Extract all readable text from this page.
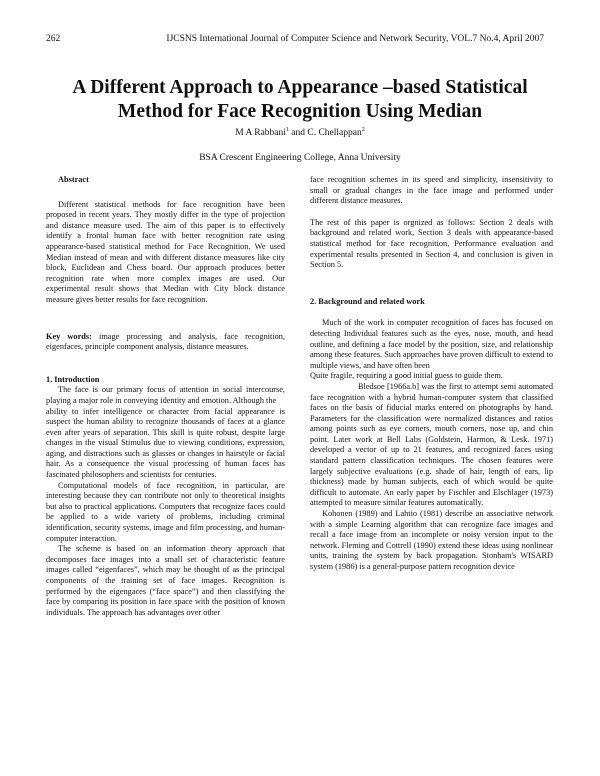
262	IJCSNS International Journal of Computer Science and Network Security, VOL.7 No.4, April 2007
A Different Approach to Appearance –based Statistical
Method for Face Recognition Using Median
M A Rabbani$^1$ and C. Chellappan$^2$
BSA Crescent Engineering College, Anna University

Abstract

Different statistical methods for face recognition have been proposed in recent years. They mostly differ in the type of projection and distance measure used. The aim of this paper is to effectively identify a frontal human face with better recognition rate using appearance-based statistical method for Face Recognition. We used Median instead of mean and with different distance measures like city block, Euclidean and Chess board. Our approach produces better recognition rate when more complex images are used. Our experimental result shows that Median with City block distance measure gives better results for face recognition.

Key words: image processing and analysis, face recognition, eigenfaces, principle component analysis, distance measures.

1. Introduction

The face is our primary focus of attention in social intercourse, playing a major role in conveying identity and emotion. Although the

ability to infer intelligence or character from facial appearance is suspect the human ability to recognize thousands of faces at a glance even after years of separation. This skill is quite robust, despite large changes in the visual Stimulus due to viewing conditions, expression, aging, and distractions such as glasses or changes in hairstyle or facial hair. As a consequence the visual processing of human faces has fascinated philosophers and scientists for centuries.

Computational models of face recognition, in particular, are interesting because they can contribute not only to theoretical insights but also to practical applications. Computers that recognize faces could be applied to a wide variety of problems, including criminal identification, security systems, image and film processing, and human-computer interaction.

The scheme is based on an information theory approach that decomposes face images into a small set of characteristic feature images called “eigenfaces”, which may be thought of as the principal components of the training set of face images. Recognition is performed by the eigengaces (“face space”) and then classifying the face by comparing its position in face space with the position of known individuals. The approach has advantages over other

face recognition schemes in its speed and simplicity, insensitivity to small or gradual changes in the face image and performed under different distance measures.

The rest of this paper is orgnized as follows: Section 2 deals with background and related work, Section 3 deals with appearance-based statistical method for face recognition, Performance evaluation and experimental results presented in Section 4, and conclusion is given in Section 5.

2. Background and related work

Much of the work in computer recognition of faces has focused on detecting Individual features such as the eyes, nose, mouth, and head outline, and defining a face model by the position, size, and relationship among these features. Such approaches have proven difficult to extend to multiple views, and have often been

Quite fragile, requiring a good initial guess to guide them.

Bledsoe [1966a.b] was the first to attempt semi automated face recognition with a hybrid human-computer system that classified faces on the basis of fiducial marks entered on photographs by hand. Parameters for the classification were normalized distances and ratios among points such as eye corners, mouth corners, nose up, and chin point. Later work at Bell Labs (Goldstein, Harmon, & Lesk. 1971) developed a vector of up to 21 features, and recognized faces using standard pattern classification techniques. The chosen features were largely subjective evaluations (e.g. shade of hair, length of ears, lip thickness) made by human subjects, each of which would be quite difficult to automate. An early paper by Fischler and Elschlager (1973) attempted to measure similar features automatically.

Kohonen (1989) and Lahtio (1981) describe an associative network with a simple Learning algorithm that can recognize face images and recall a face image from an incomplete or noisy version input to the network. Fleming and Cottrell (1990) extend these ideas using nonlinear units, training the system by back propagation. Stonham's WISARD system (1986) is a general-purpose pattern recognition device
